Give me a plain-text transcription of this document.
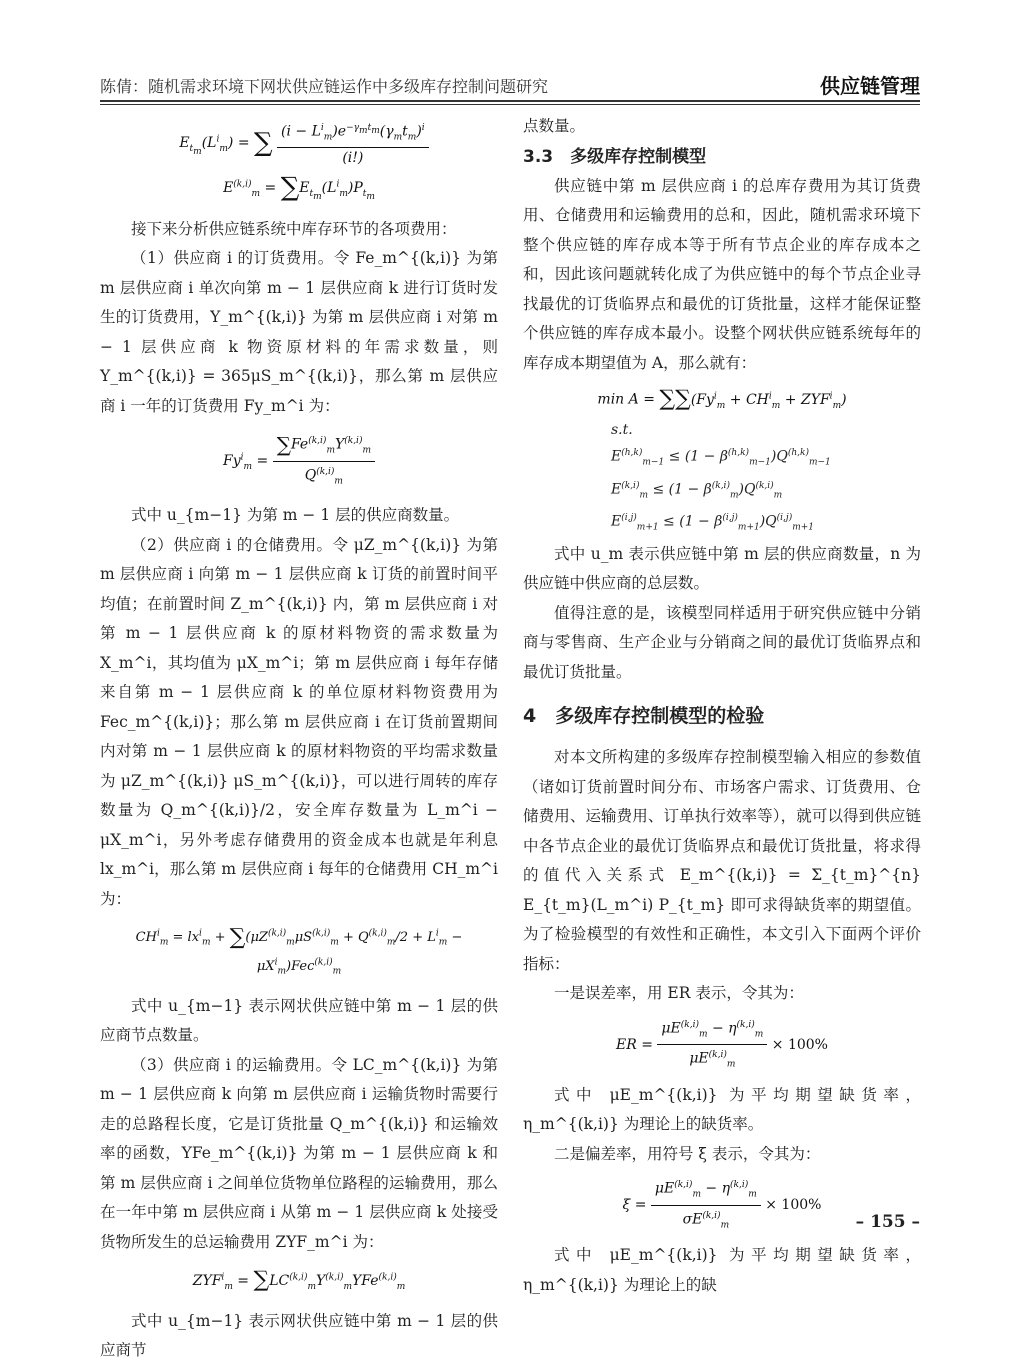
陈倩：随机需求环境下网状供应链运作中多级库存控制问题研究	供应链管理
$E_{t_m}(L^i_m)$ = ∑ $\frac{(i - L^i_m)e^{-\gamma_mt_m}(\gamma_mt_m)^i}{(i!)}$
$E^{(k,i)}_m = \sum E_{t_m}(L^i_m)P_{t_m}$

接下来分析供应链系统中库存环节的各项费用：

（1）供应商 i 的订货费用。令 Fe_m^{(k,i)} 为第 m 层供应商 i 单次向第 m − 1 层供应商 k 进行订货时发生的订货费用，Y_m^{(k,i)} 为第 m 层供应商 i 对第 m − 1 层供应商 k 物资原材料的年需求数量，则 Y_m^{(k,i)} = 365μS_m^{(k,i)}，那么第 m 层供应商 i 一年的订货费用 Fy_m^i 为：

$Fy^i_m = \frac{\sum Fe^{(k,i)}_mY^{(k,i)}_m}{Q^{(k,i)}_m}$

式中 u_{m−1} 为第 m − 1 层的供应商数量。

（2）供应商 i 的仓储费用。令 μZ_m^{(k,i)} 为第 m 层供应商 i 向第 m − 1 层供应商 k 订货的前置时间平均值；在前置时间 Z_m^{(k,i)} 内，第 m 层供应商 i 对第 m − 1 层供应商 k 的原材料物资的需求数量为 X_m^i，其均值为 μX_m^i；第 m 层供应商 i 每年存储来自第 m − 1 层供应商 k 的单位原材料物资费用为 Fec_m^{(k,i)}；那么第 m 层供应商 i 在订货前置期间内对第 m − 1 层供应商 k 的原材料物资的平均需求数量为 μZ_m^{(k,i)} μS_m^{(k,i)}，可以进行周转的库存数量为 Q_m^{(k,i)}/2，安全库存数量为 L_m^i − μX_m^i，另外考虑存储费用的资金成本也就是年利息 lx_m^i，那么第 m 层供应商 i 每年的仓储费用 CH_m^i 为：

$CH^i_m = lx^i_m + \sum(\mu Z^{(k,i)}_m\mu S^{(k,i)}_m + Q^{(k,i)}_m/2 + L^i_m - \mu X^i_m)Fec^{(k,i)}_m$

式中 u_{m−1} 表示网状供应链中第 m − 1 层的供应商节点数量。

（3）供应商 i 的运输费用。令 LC_m^{(k,i)} 为第 m − 1 层供应商 k 向第 m 层供应商 i 运输货物时需要行走的总路程长度，它是订货批量 Q_m^{(k,i)} 和运输效率的函数，YFe_m^{(k,i)} 为第 m − 1 层供应商 k 和第 m 层供应商 i 之间单位货物单位路程的运输费用，那么在一年中第 m 层供应商 i 从第 m − 1 层供应商 k 处接受货物所发生的总运输费用 ZYF_m^i 为：

$ZYF^i_m = \sum LC^{(k,i)}_mY^{(k,i)}_mYFe^{(k,i)}_m$

式中 u_{m−1} 表示网状供应链中第 m − 1 层的供应商节

点数量。

3.3　多级库存控制模型

供应链中第 m 层供应商 i 的总库存费用为其订货费用、仓储费用和运输费用的总和，因此，随机需求环境下整个供应链的库存成本等于所有节点企业的库存成本之和，因此该问题就转化成了为供应链中的每个节点企业寻找最优的订货临界点和最优的订货批量，这样才能保证整个供应链的库存成本最小。设整个网状供应链系统每年的库存成本期望值为 A，那么就有：

$\min A = \sum\sum(Fy^i_m + CH^i_m + ZYF^i_m)$
s.t.
$E^{(h,k)}_{m-1} \le (1 - \beta^{(h,k)}_{m-1})Q^{(h,k)}_{m-1}$
$E^{(k,i)}_m \le (1 - \beta^{(k,i)}_m)Q^{(k,i)}_m$
$E^{(i,j)}_{m+1} \le (1 - \beta^{(i,j)}_{m+1})Q^{(i,j)}_{m+1}$

式中 u_m 表示供应链中第 m 层的供应商数量，n 为供应链中供应商的总层数。

值得注意的是，该模型同样适用于研究供应链中分销商与零售商、生产企业与分销商之间的最优订货临界点和最优订货批量。

4　多级库存控制模型的检验

对本文所构建的多级库存控制模型输入相应的参数值（诸如订货前置时间分布、市场客户需求、订货费用、仓储费用、运输费用、订单执行效率等），就可以得到供应链中各节点企业的最优订货临界点和最优订货批量，将求得的值代入关系式 E_m^{(k,i)} = Σ_{t_m}^{n} E_{t_m}(L_m^i) P_{t_m} 即可求得缺货率的期望值。为了检验模型的有效性和正确性，本文引入下面两个评价指标：

一是误差率，用 ER 表示，令其为：

ER = $\frac{\mu E^{(k,i)}_m - \eta^{(k,i)}_m}{\mu E^{(k,i)}_m} \times 100\%$

式中 μE_m^{(k,i)} 为平均期望缺货率，η_m^{(k,i)} 为理论上的缺货率。

二是偏差率，用符号 ξ 表示，令其为：

$\xi = \frac{\mu E^{(k,i)}_m - \eta^{(k,i)}_m}{\sigma E^{(k,i)}_m} \times 100\%$

式中 μE_m^{(k,i)} 为平均期望缺货率，η_m^{(k,i)} 为理论上的缺

– 155 –
